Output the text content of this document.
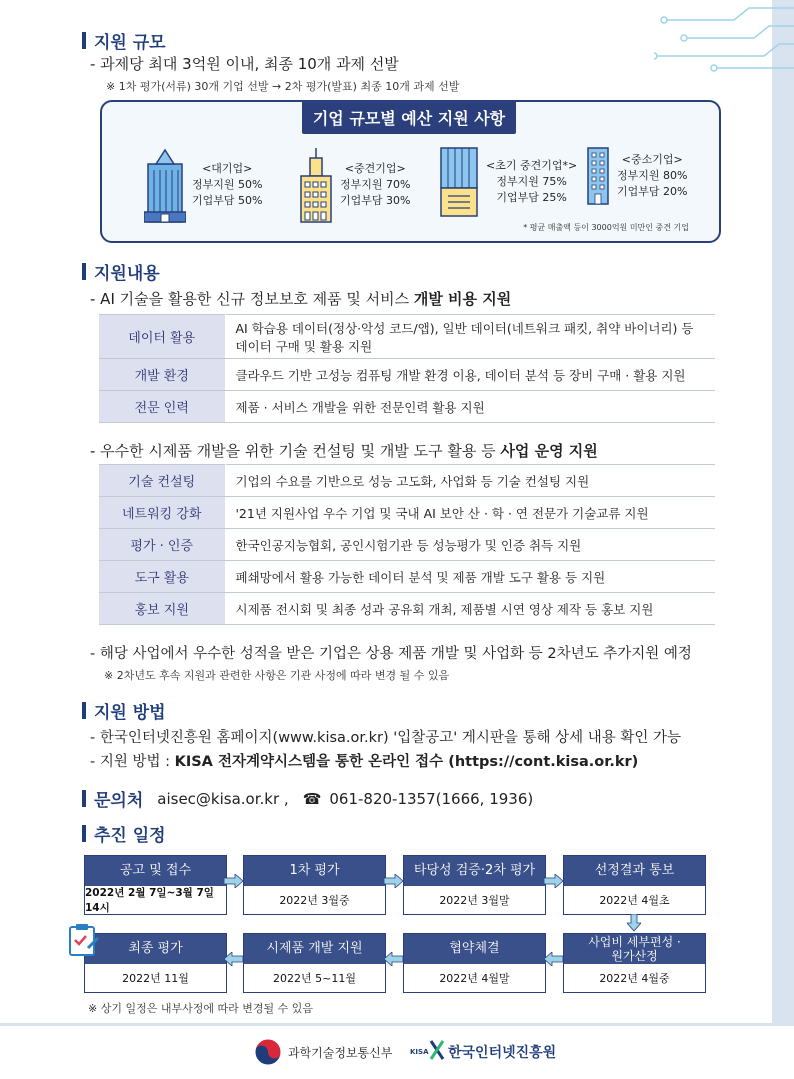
지원 규모
- 과제당 최대 3억원 이내, 최종 10개 과제 선발
※ 1차 평가(서류) 30개 기업 선발 → 2차 평가(발표) 최종 10개 과제 선발
기업 규모별 예산 지원 사항
<대기업>
정부지원 50%
기업부담 50%
<중견기업>
정부지원 70%
기업부담 30%
<초기 중견기업*>
정부지원 75%
기업부담 25%
<중소기업>
정부지원 80%
기업부담 20%
* 평균 매출액 등이 3000억원 미만인 중견 기업
지원내용
- AI 기술을 활용한 신규 정보보호 제품 및 서비스 개발 비용 지원
데이터 활용	AI 학습용 데이터(정상·악성 코드/앱), 일반 데이터(네트워크 패킷, 취약 바이너리) 등
데이터 구매 및 활용 지원

개발 환경	클라우드 기반 고성능 컴퓨팅 개발 환경 이용, 데이터 분석 등 장비 구매 · 활용 지원
전문 인력	제품 · 서비스 개발을 위한 전문인력 활용 지원
- 우수한 시제품 개발을 위한 기술 컨설팅 및 개발 도구 활용 등 사업 운영 지원
기술 컨설팅	기업의 수요를 기반으로 성능 고도화, 사업화 등 기술 컨설팅 지원
네트워킹 강화	'21년 지원사업 우수 기업 및 국내 AI 보안 산 · 학 · 연 전문가 기술교류 지원
평가 · 인증	한국인공지능협회, 공인시험기관 등 성능평가 및 인증 취득 지원
도구 활용	폐쇄망에서 활용 가능한 데이터 분석 및 제품 개발 도구 활용 등 지원
홍보 지원	시제품 전시회 및 최종 성과 공유회 개최, 제품별 시연 영상 제작 등 홍보 지원
- 해당 사업에서 우수한 성적을 받은 기업은 상용 제품 개발 및 사업화 등 2차년도 추가지원 예정
※ 2차년도 후속 지원과 관련한 사항은 기관 사정에 따라 변경 될 수 있음
지원 방법
- 한국인터넷진흥원 홈페이지(www.kisa.or.kr) '입찰공고' 게시판을 통해 상세 내용 확인 가능
- 지원 방법 : KISA 전자계약시스템을 통한 온라인 접수 (https://cont.kisa.or.kr)
문의처 aisec@kisa.or.kr , ☎ 061-820-1357(1666, 1936)
추진 일정
공고 및 접수
2022년 2월 7일~3월 7일 14시
1차 평가
2022년 3월중
타당성 검증·2차 평가
2022년 3월말
선정결과 통보
2022년 4월초
최종 평가
2022년 11월
시제품 개발 지원
2022년 5~11월
협약체결
2022년 4월말
사업비 세부편성 · 원가산정
2022년 4월중
※ 상기 일정은 내부사정에 따라 변경될 수 있음
과학기술정보통신부	KISA 한국인터넷진흥원
